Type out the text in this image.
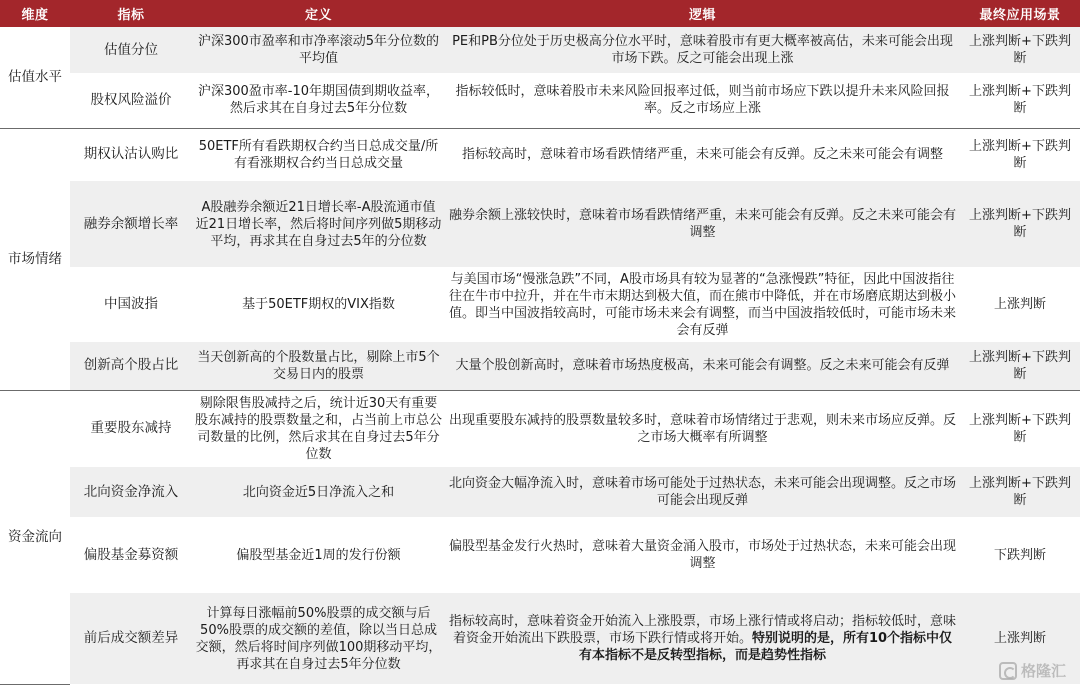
维度	指标	定义	逻辑	最终应用场景
估值水平	估值分位	沪深300市盈率和市净率滚动5年分位数的平均值	PE和PB分位处于历史极高分位水平时，意味着股市有更大概率被高估，未来可能会出现市场下跌。反之可能会出现上涨	上涨判断+下跌判断
	股权风险溢价	沪深300盈市率-10年期国债到期收益率，然后求其在自身过去5年分位数	指标较低时，意味着股市未来风险回报率过低，则当前市场应下跌以提升未来风险回报率。反之市场应上涨	上涨判断+下跌判断
市场情绪	期权认沽认购比	50ETF所有看跌期权合约当日总成交量/所有看涨期权合约当日总成交量	指标较高时，意味着市场看跌情绪严重，未来可能会有反弹。反之未来可能会有调整	上涨判断+下跌判断
	融券余额增长率	A股融券余额近21日增长率-A股流通市值近21日增长率，然后将时间序列做5期移动平均，再求其在自身过去5年的分位数	融券余额上涨较快时，意味着市场看跌情绪严重，未来可能会有反弹。反之未来可能会有调整	上涨判断+下跌判断
	中国波指	基于50ETF期权的VIX指数	与美国市场“慢涨急跌”不同，A股市场具有较为显著的“急涨慢跌”特征，因此中国波指往往在牛市中拉升，并在牛市末期达到极大值，而在熊市中降低，并在市场磨底期达到极小值。即当中国波指较高时，可能市场未来会有调整，而当中国波指较低时，可能市场未来会有反弹	上涨判断
	创新高个股占比	当天创新高的个股数量占比，剔除上市5个交易日内的股票	大量个股创新高时，意味着市场热度极高，未来可能会有调整。反之未来可能会有反弹	上涨判断+下跌判断
资金流向	重要股东减持	剔除限售股减持之后，统计近30天有重要股东减持的股票数量之和，占当前上市总公司数量的比例，然后求其在自身过去5年分位数	出现重要股东减持的股票数量较多时，意味着市场情绪过于悲观，则未来市场应反弹。反之市场大概率有所调整	上涨判断+下跌判断
	北向资金净流入	北向资金近5日净流入之和	北向资金大幅净流入时，意味着市场可能处于过热状态，未来可能会出现调整。反之市场可能会出现反弹	上涨判断+下跌判断
	偏股基金募资额	偏股型基金近1周的发行份额	偏股型基金发行火热时，意味着大量资金涌入股市，市场处于过热状态，未来可能会出现调整	下跌判断
	前后成交额差异	计算每日涨幅前50%股票的成交额与后50%股票的成交额的差值，除以当日总成交额，然后将时间序列做100期移动平均，再求其在自身过去5年分位数	指标较高时，意味着资金开始流入上涨股票，市场上涨行情或将启动；指标较低时，意味着资金开始流出下跌股票，市场下跌行情或将开始。特别说明的是，所有10个指标中仅有本指标不是反转型指标，而是趋势性指标	上涨判断
格隆汇
